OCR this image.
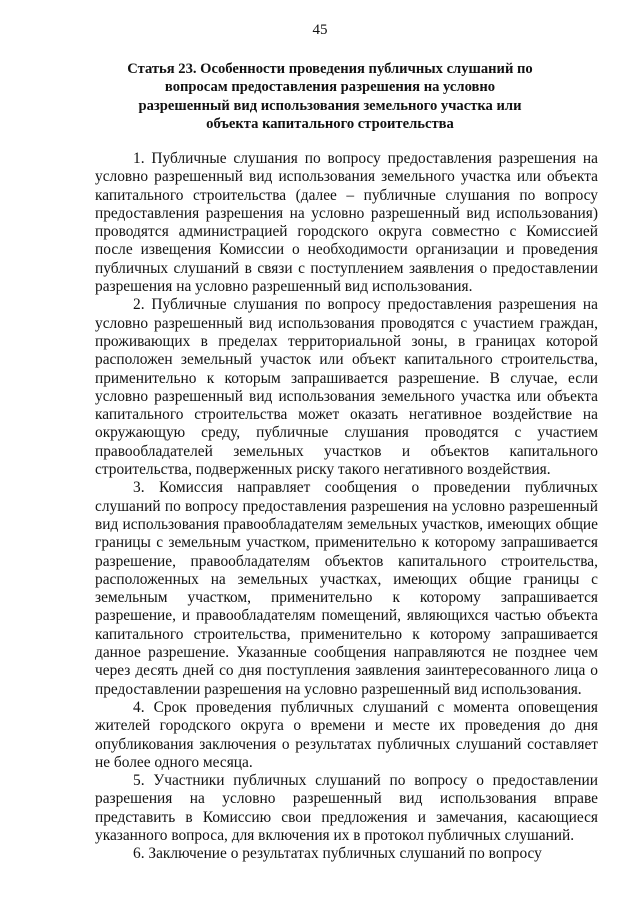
45
Статья 23. Особенности проведения публичных слушаний по вопросам предоставления разрешения на условно разрешенный вид использования земельного участка или объекта капитального строительства

1. Публичные слушания по вопросу предоставления разрешения на условно разрешенный вид использования земельного участка или объекта капитального строительства (далее – публичные слушания по вопросу предоставления разрешения на условно разрешенный вид использования) проводятся администрацией городского округа совместно с Комиссией после извещения Комиссии о необходимости организации и проведения публичных слушаний в связи с поступлением заявления о предоставлении разрешения на условно разрешенный вид использования.

2. Публичные слушания по вопросу предоставления разрешения на условно разрешенный вид использования проводятся с участием граждан, проживающих в пределах территориальной зоны, в границах которой расположен земельный участок или объект капитального строительства, применительно к которым запрашивается разрешение. В случае, если условно разрешенный вид использования земельного участка или объекта капитального строительства может оказать негативное воздействие на окружающую среду, публичные слушания проводятся с участием правообладателей земельных участков и объектов капитального строительства, подверженных риску такого негативного воздействия.

3. Комиссия направляет сообщения о проведении публичных слушаний по вопросу предоставления разрешения на условно разрешенный вид использования правообладателям земельных участков, имеющих общие границы с земельным участком, применительно к которому запрашивается разрешение, правообладателям объектов капитального строительства, расположенных на земельных участках, имеющих общие границы с земельным участком, применительно к которому запрашивается разрешение, и правообладателям помещений, являющихся частью объекта капитального строительства, применительно к которому запрашивается данное разрешение. Указанные сообщения направляются не позднее чем через десять дней со дня поступления заявления заинтересованного лица о предоставлении разрешения на условно разрешенный вид использования.

4. Срок проведения публичных слушаний с момента оповещения жителей городского округа о времени и месте их проведения до дня опубликования заключения о результатах публичных слушаний составляет не более одного месяца.

5. Участники публичных слушаний по вопросу о предоставлении разрешения на условно разрешенный вид использования вправе представить в Комиссию свои предложения и замечания, касающиеся указанного вопроса, для включения их в протокол публичных слушаний.

6. Заключение о результатах публичных слушаний по вопросу
